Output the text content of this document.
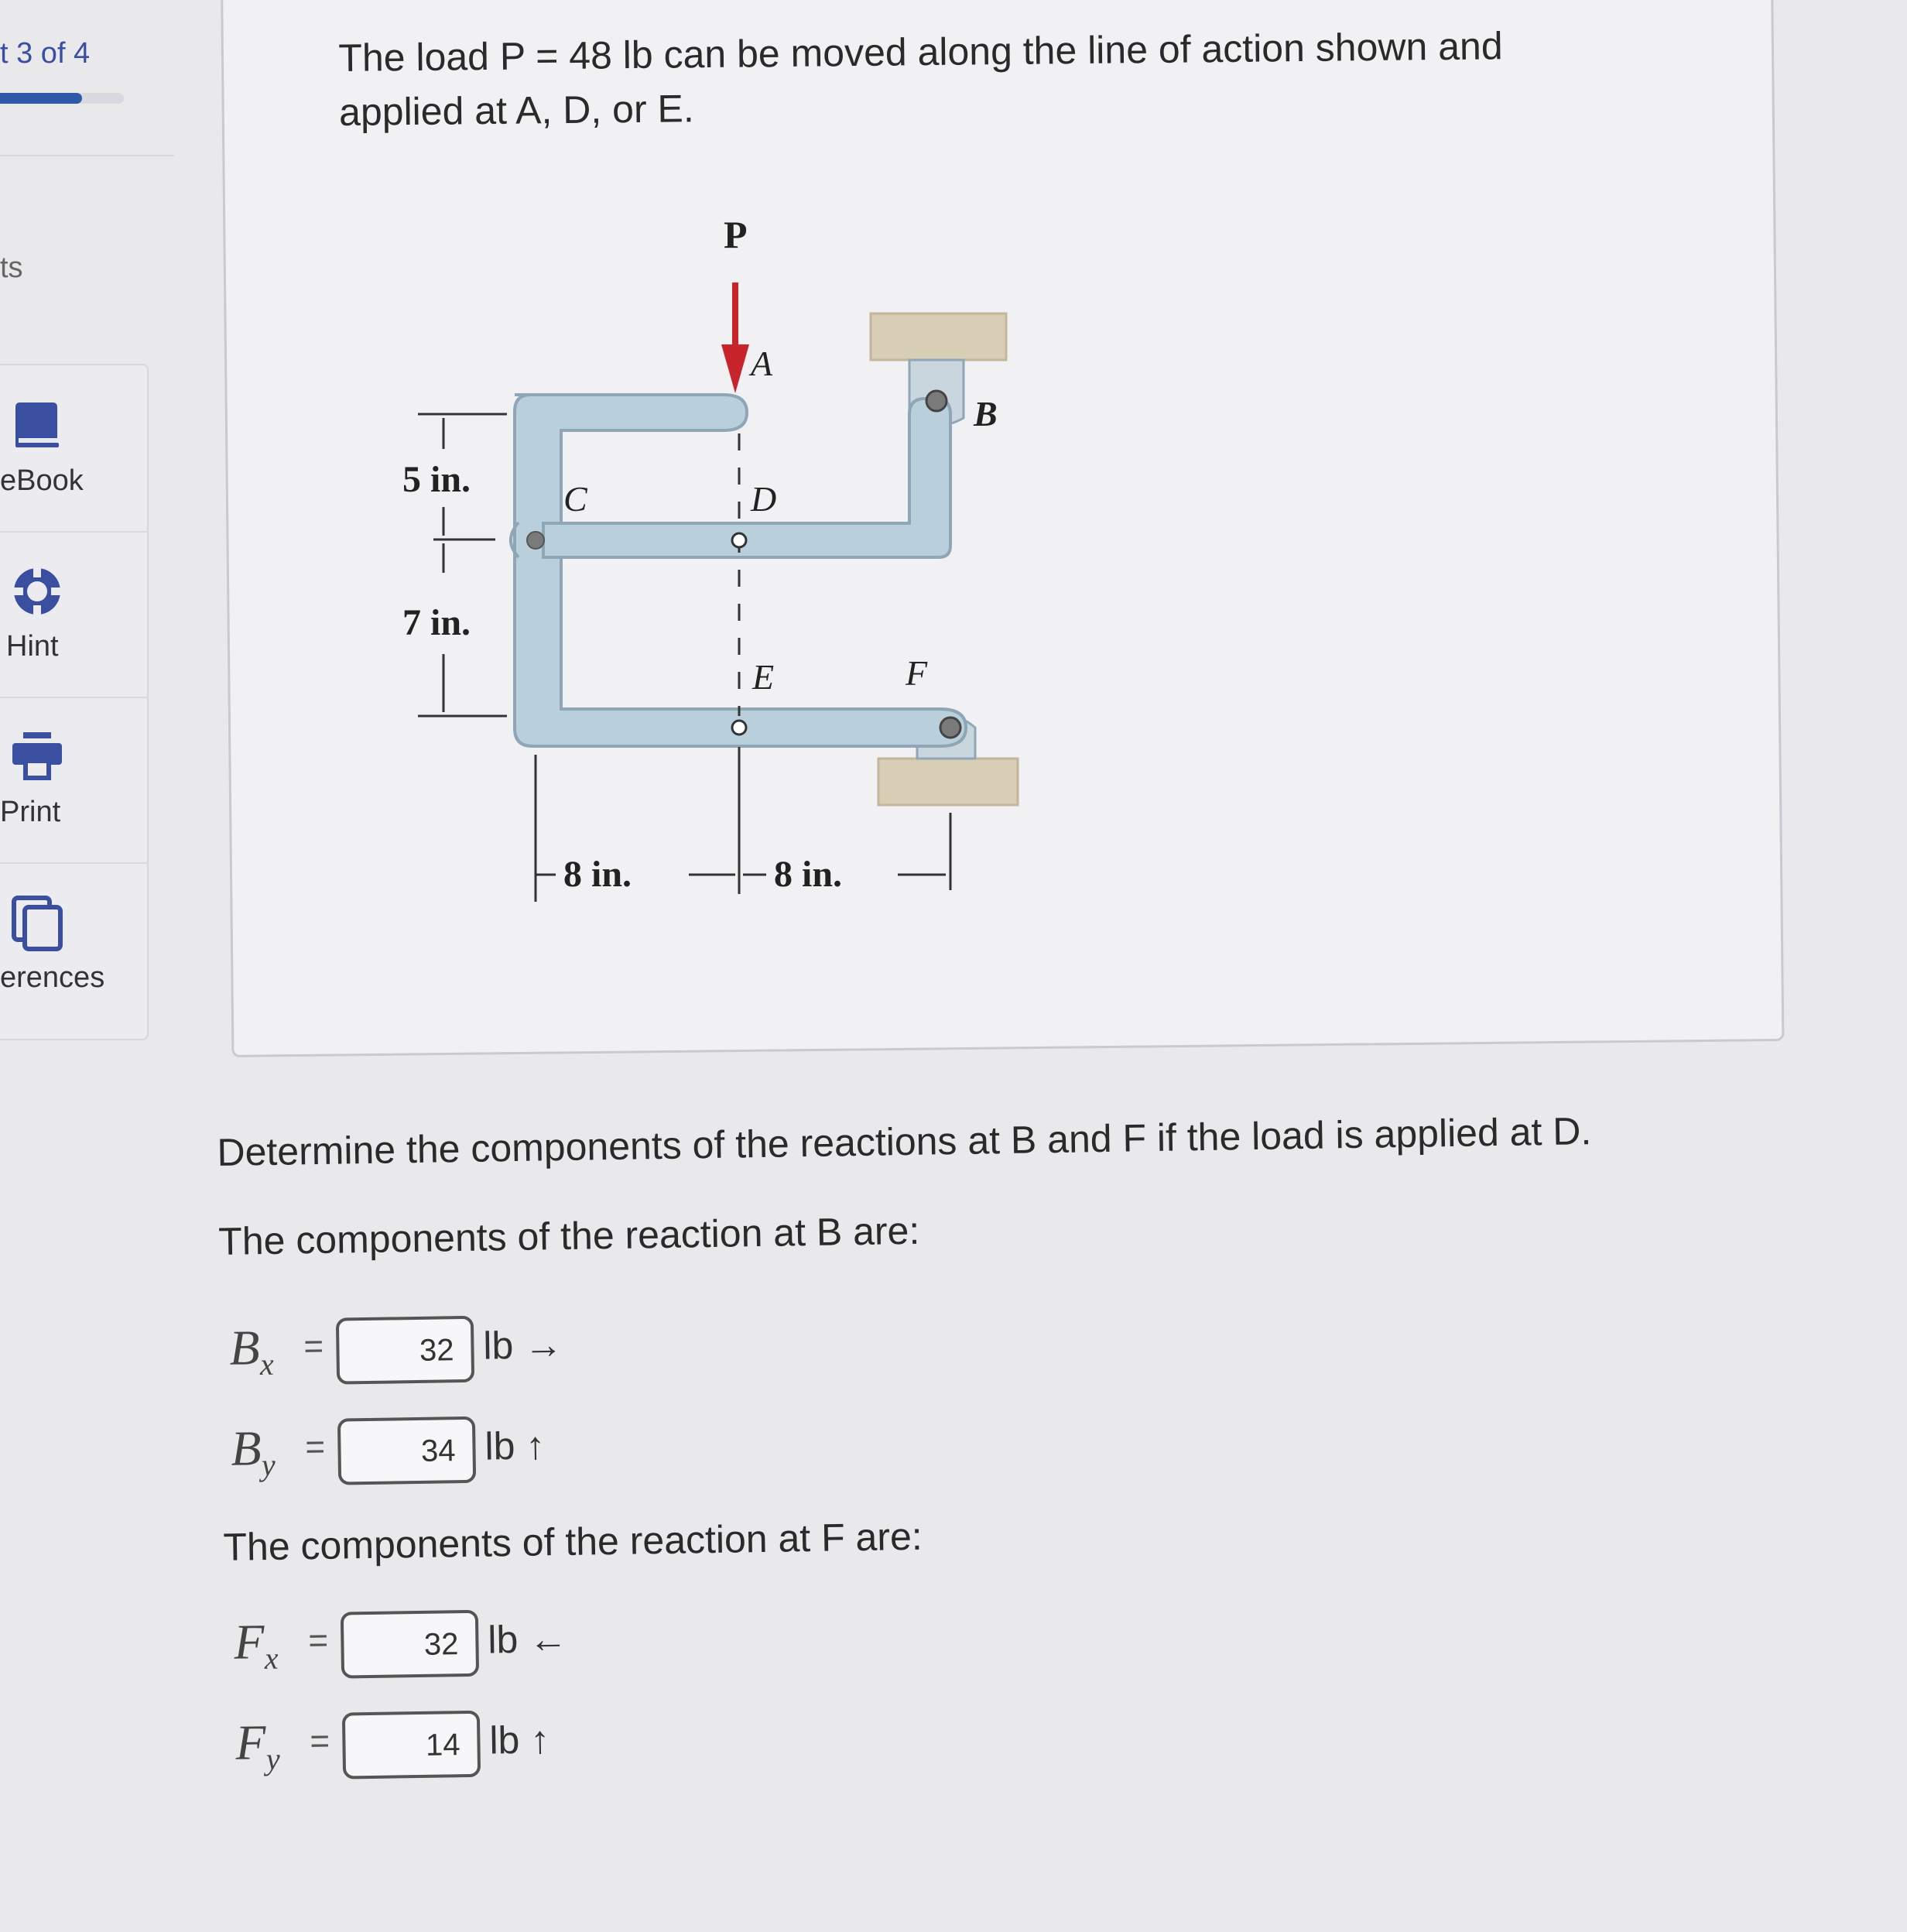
t 3 of 4
ts
eBook
Hint
Print
erences
The load P = 48 lb can be moved along the line of action shown and
applied at A, D, or E.
P
A
B
C	D
E	F
5 in.
7 in.
8 in.	8 in.
Determine the components of the reactions at B and F if the load is applied at D.
The components of the reaction at B are:
$B_x$ =	32 lb →
$B_y$ =	34 lb ↑
The components of the reaction at F are:
$F_x$ =	32 lb ←
$F_y$ =	14 lb ↑
